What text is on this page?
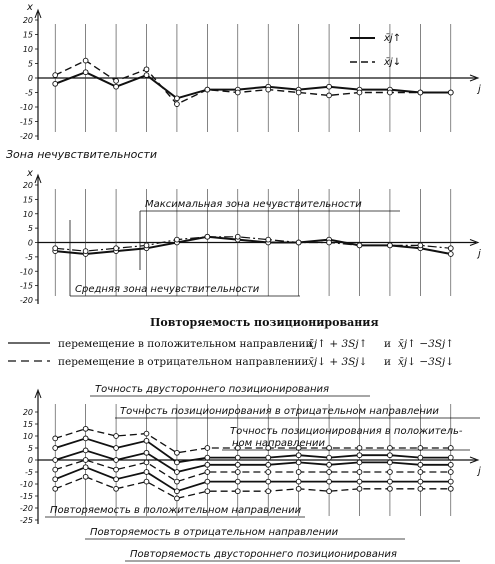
x
20
15
10
5
0
-5
-10
-15
-20
j
x̄j↑
x̄j↓
Зона нечувствительности
x
20
15
10
5
0
-5
-10
-15
-20
j
Максимальная зона нечувствительности
Средняя зона нечувствительности
Повторяемость позиционирования
перемещение в положительном направлении
x̄j↑ + 3Sj↑ и x̄j↑ −3Sj↑
перемещение в отрицательном направлении x̄j↓ + 3Sj↓ и x̄j↓ −3Sj↓
20
15
10
5
0
-5
-10
-15
-20
-25
j
Точность двустороннего позиционирования
Точность позиционирования в отрицательном направлении
Точность позиционирования в положитель-
ном направлении
Повторяемость в положительном направлении
Повторяемость в отрицательном направлении
Повторяемость двустороннего позиционирования
